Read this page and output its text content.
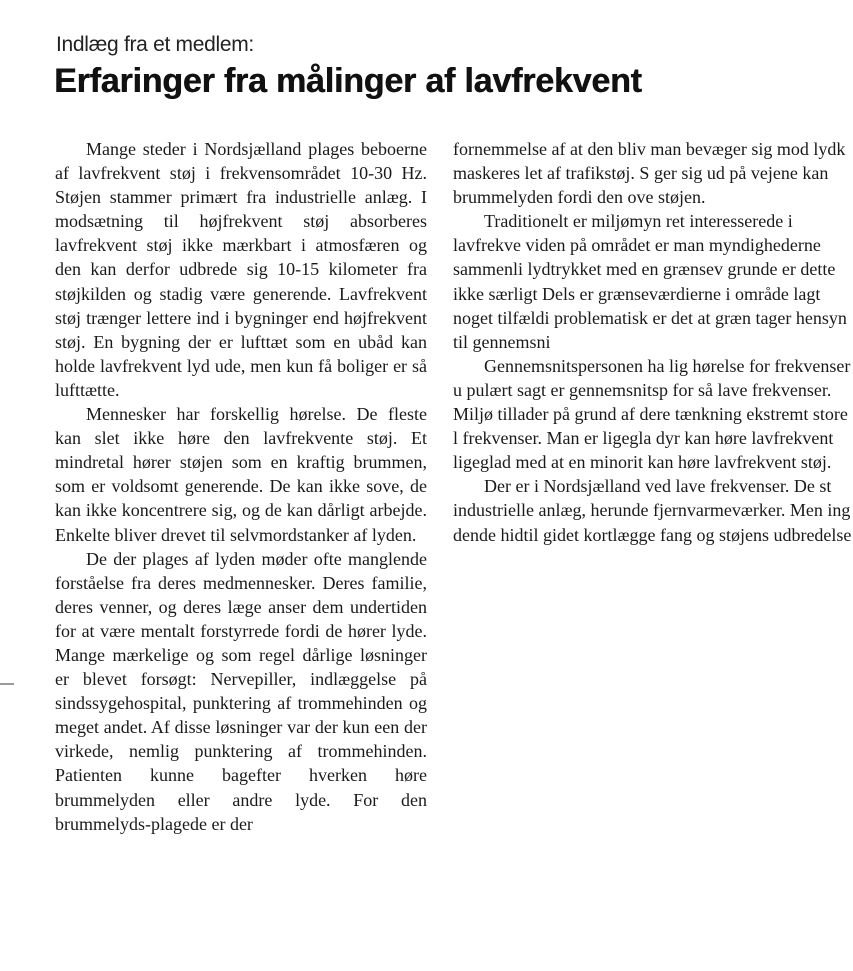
Indlæg fra et medlem:
Erfaringer fra målinger af lavfrekvent

Mange steder i Nordsjælland plages beboerne af lavfrekvent støj i frekvensområdet 10-30 Hz. Støjen stammer primært fra industrielle anlæg. I modsætning til højfrekvent støj absorberes lavfrekvent støj ikke mærkbart i atmosfæren og den kan derfor udbrede sig 10-15 kilometer fra støjkilden og stadig være generende. Lavfrekvent støj trænger lettere ind i bygninger end højfrekvent støj. En bygning der er lufttæt som en ubåd kan holde lavfrekvent lyd ude, men kun få boliger er så lufttætte.

Mennesker har forskellig hørelse. De fleste kan slet ikke høre den lavfrekvente støj. Et mindretal hører støjen som en kraftig brummen, som er voldsomt generende. De kan ikke sove, de kan ikke koncentrere sig, og de kan dårligt arbejde. Enkelte bliver drevet til selvmordstanker af lyden.

De der plages af lyden møder ofte manglende forståelse fra deres medmennesker. Deres familie, deres venner, og deres læge anser dem undertiden for at være mentalt forstyrrede fordi de hører lyde. Mange mærkelige og som regel dårlige løsninger er blevet forsøgt: Nervepiller, indlæggelse på sindssygehospital, punktering af trommehinden og meget andet. Af disse løsninger var der kun een der virkede, nemlig punktering af trommehinden. Patienten kunne bagefter hverken høre brummelyden eller andre lyde. For den brummelyds-plagede er der

fornemmelse af at den bliv man bevæger sig mod lydk maskeres let af trafikstøj. S ger sig ud på vejene kan brummelyden fordi den ove støjen.

Traditionelt er miljømyn ret interesserede i lavfrekve viden på området er man myndighederne sammenli lydtrykket med en grænsev grunde er dette ikke særligt Dels er grænseværdierne i område lagt noget tilfældi problematisk er det at græn tager hensyn til gennemsni

Gennemsnitspersonen ha lig hørelse for frekvenser u pulært sagt er gennemsnitsp for så lave frekvenser. Miljø tillader på grund af dere tænkning ekstremt store l frekvenser. Man er ligegla dyr kan høre lavfrekvent ligeglad med at en minorit kan høre lavfrekvent støj.

Der er i Nordsjælland ved lave frekvenser. De st industrielle anlæg, herunde fjernvarmeværker. Men ing dende hidtil gidet kortlægge fang og støjens udbredelse
